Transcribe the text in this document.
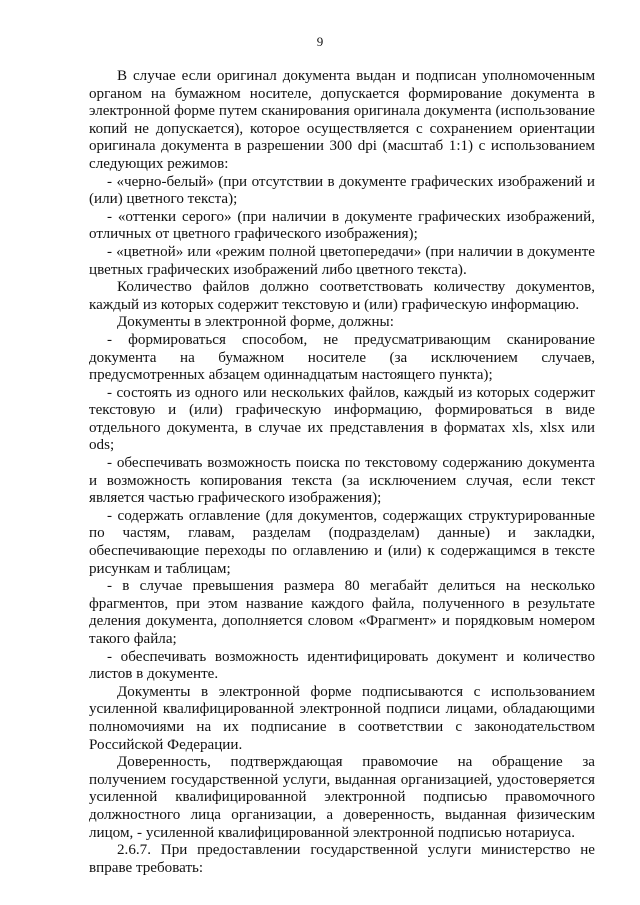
9

В случае если оригинал документа выдан и подписан уполномоченным органом на бумажном носителе, допускается формирование документа в электронной форме путем сканирования оригинала документа (использование копий не допускается), которое осуществляется с сохранением ориентации оригинала документа в разрешении 300 dpi (масштаб 1:1) с использованием следующих режимов:

- «черно-белый» (при отсутствии в документе графических изображений и (или) цветного текста);

- «оттенки серого» (при наличии в документе графических изображений, отличных от цветного графического изображения);

- «цветной» или «режим полной цветопередачи» (при наличии в документе цветных графических изображений либо цветного текста).

Количество файлов должно соответствовать количеству документов, каждый из которых содержит текстовую и (или) графическую информацию.

Документы в электронной форме, должны:

- формироваться способом, не предусматривающим сканирование документа на бумажном носителе (за исключением случаев, предусмотренных абзацем одиннадцатым настоящего пункта);

- состоять из одного или нескольких файлов, каждый из которых содержит текстовую и (или) графическую информацию, формироваться в виде отдельного документа, в случае их представления в форматах xls, xlsx или ods;

- обеспечивать возможность поиска по текстовому содержанию документа и возможность копирования текста (за исключением случая, если текст является частью графического изображения);

- содержать оглавление (для документов, содержащих структурированные по частям, главам, разделам (подразделам) данные) и закладки, обеспечивающие переходы по оглавлению и (или) к содержащимся в тексте рисункам и таблицам;

- в случае превышения размера 80 мегабайт делиться на несколько фрагментов, при этом название каждого файла, полученного в результате деления документа, дополняется словом «Фрагмент» и порядковым номером такого файла;

- обеспечивать возможность идентифицировать документ и количество листов в документе.

Документы в электронной форме подписываются с использованием усиленной квалифицированной электронной подписи лицами, обладающими полномочиями на их подписание в соответствии с законодательством Российской Федерации.

Доверенность, подтверждающая правомочие на обращение за получением государственной услуги, выданная организацией, удостоверяется усиленной квалифицированной электронной подписью правомочного должностного лица организации, а доверенность, выданная физическим лицом, - усиленной квалифицированной электронной подписью нотариуса.

2.6.7. При предоставлении государственной услуги министерство не вправе требовать:
